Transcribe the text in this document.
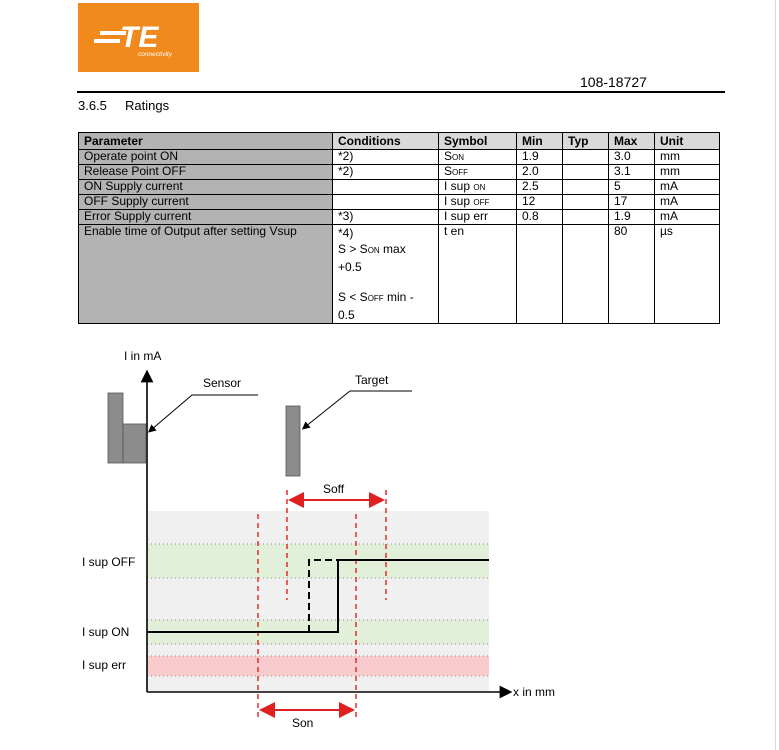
TE
connectivity
108-18727
3.6.5 Ratings
Parameter	Conditions	Symbol	Min	Typ	Max	Unit
Operate point ON	*2)	SON	1.9		3.0	mm
Release Point OFF	*2)	SOFF	2.0		3.1	mm
ON Supply current		I sup ON	2.5		5	mA
OFF Supply current		I sup OFF	12		17	mA
Error Supply current	*3)	I sup err	0.8		1.9	mA
Enable time of Output after setting Vsup	*4)
S > SON max
+0.5
S < SOFF min -
0.5	t en			80	µs
I in mA
x in mm
Sensor	Target
Soff
Son
I sup OFF
I sup ON
I sup err
